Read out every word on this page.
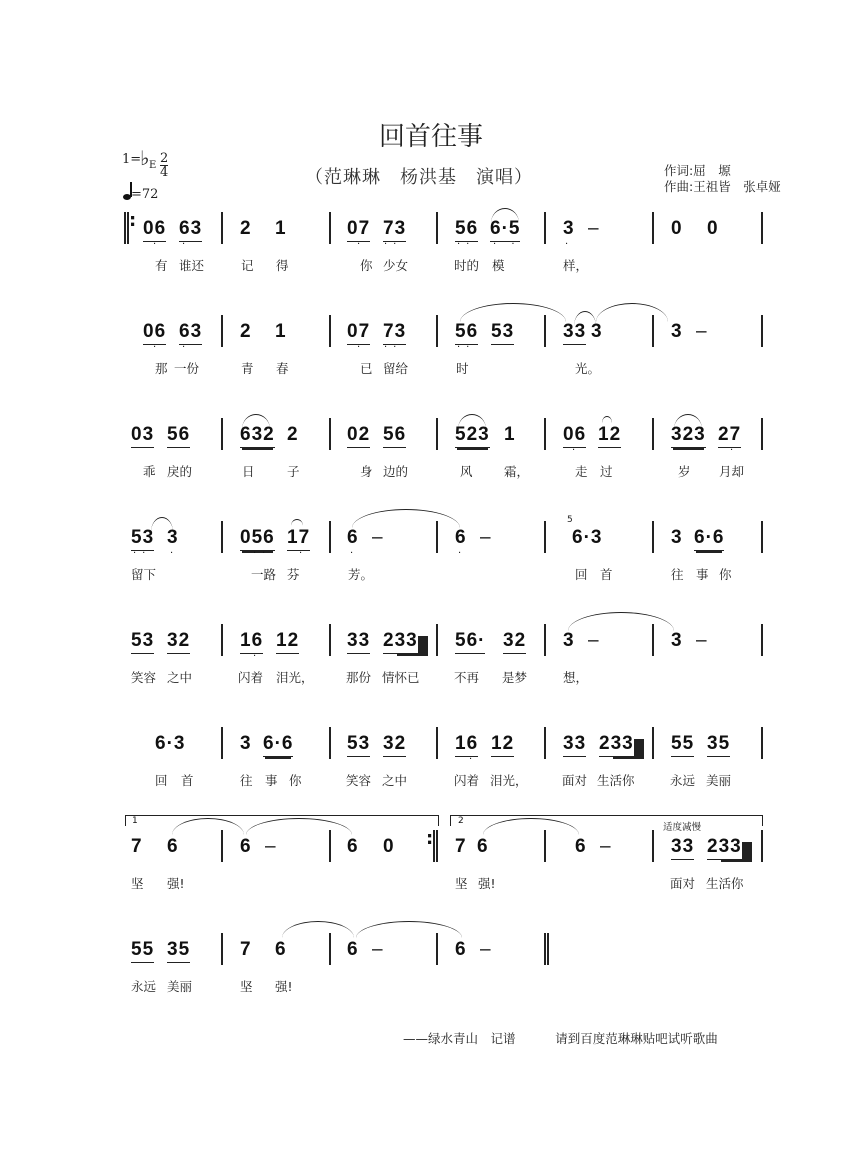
回首往事
（范琳琳　杨洪基　演唱）	作词:屈　塬
作曲:王祖皆　张卓娅
1=
♭ E 2
4
=72
: 06 63 2 1	07 73	56 6·5 3 –	0 0
· ·	· ··	·· · ·	·
有 谁还	记 得	你 少女	时的 模	样，
06 63 2 1	07 73	56 53	33 3	3 –
· ·	· ··	··
那 一份	青 春	已 留给	时	光。
03 56	632 2	02 56	523 1 06 12	323 27
·	·
乖 戾的	日	子	身 边的	风	霜，	走 过	岁 月却
53 3	056 17 6 –	6 –
5
6·3	3 6·6
·· ·	··	·	·	·
留下	一路 芬	芳。	回 首	往 事 你
53 32	16 12	33 233 56· 32 3 –	3 –
·
笑容 之中	闪着 泪光，	那份 情怀已	不再 是梦	想，
6·3	3 6·6	53 32	16 12	33 233 55 35
·
回 首	往 事 你	笑容 之中	闪着 泪光，	面对 生活你	永远 美丽
1	2
适度减慢
7 6	6 –	6 0 : 7 6	6 –	33 233
坚 强!	坚 强!	面对 生活你
55 35	7 6	6 –	6 –
永远 美丽	坚 强!

——绿水青山　记谱	请到百度范琳琳贴吧试听歌曲
